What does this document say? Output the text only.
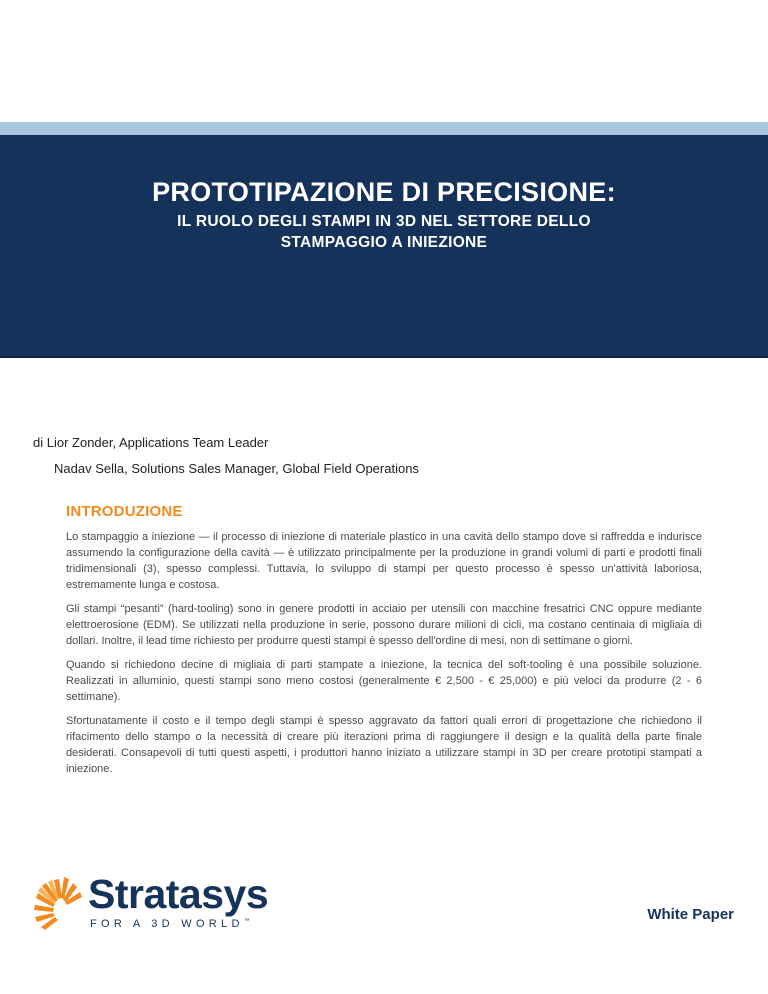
PROTOTIPAZIONE DI PRECISIONE:
IL RUOLO DEGLI STAMPI IN 3D NEL SETTORE DELLO
STAMPAGGIO A INIEZIONE
di Lior Zonder, Applications Team Leader
Nadav Sella, Solutions Sales Manager, Global Field Operations
INTRODUZIONE

Lo stampaggio a iniezione — il processo di iniezione di materiale plastico in una cavità dello stampo dove si raffredda e indurisce assumendo la configurazione della cavità — è utilizzato principalmente per la produzione in grandi volumi di parti e prodotti finali tridimensionali (3), spesso complessi. Tuttavia, lo sviluppo di stampi per questo processo è spesso un'attività laboriosa, estremamente lunga e costosa.

Gli stampi “pesanti” (hard-tooling) sono in genere prodotti in acciaio per utensili con macchine fresatrici CNC oppure mediante elettroerosione (EDM). Se utilizzati nella produzione in serie, possono durare milioni di cicli, ma costano centinaia di migliaia di dollari. Inoltre, il lead time richiesto per produrre questi stampi è spesso dell'ordine di mesi, non di settimane o giorni.

Quando si richiedono decine di migliaia di parti stampate a iniezione, la tecnica del soft-tooling è una possibile soluzione. Realizzati in alluminio, questi stampi sono meno costosi (generalmente € 2,500 - € 25,000) e più veloci da produrre (2 - 6 settimane).

Sfortunatamente il costo e il tempo degli stampi è spesso aggravato da fattori quali errori di progettazione che richiedono il rifacimento dello stampo o la necessità di creare più iterazioni prima di raggiungere il design e la qualità della parte finale desiderati. Consapevoli di tutti questi aspetti, i produttori hanno iniziato a utilizzare stampi in 3D per creare prototipi stampati a iniezione.

Stratasys
FOR A 3D WORLD™	White Paper
